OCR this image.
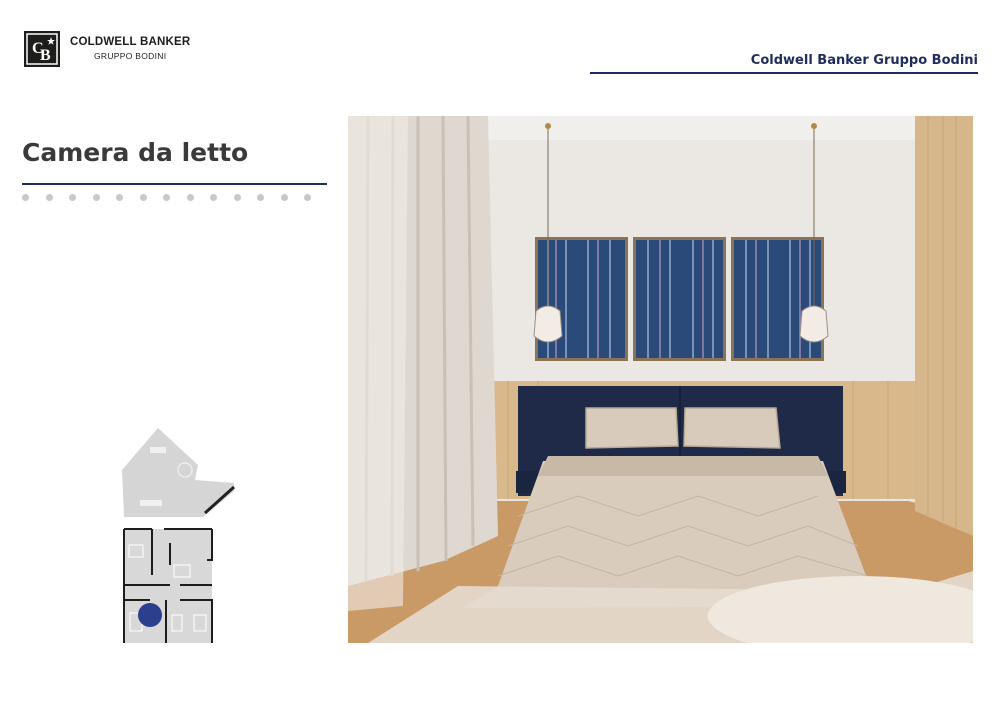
C
B
COLDWELL BANKER
GRUPPO BODINI	Coldwell Banker Gruppo Bodini
Camera da letto
